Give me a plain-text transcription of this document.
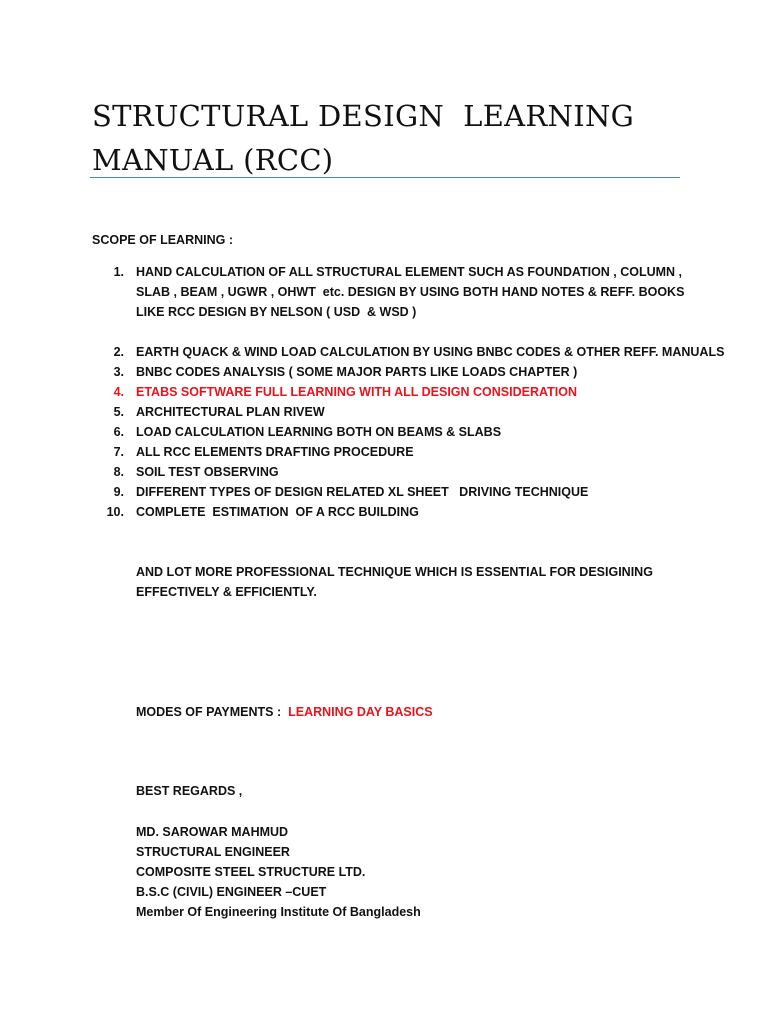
STRUCTURAL DESIGN  LEARNING
MANUAL (RCC)
SCOPE OF LEARNING :
1. HAND CALCULATION OF ALL STRUCTURAL ELEMENT SUCH AS FOUNDATION , COLUMN ,
SLAB , BEAM , UGWR , OHWT  etc. DESIGN BY USING BOTH HAND NOTES & REFF. BOOKS
LIKE RCC DESIGN BY NELSON ( USD  & WSD )
2. EARTH QUACK & WIND LOAD CALCULATION BY USING BNBC CODES & OTHER REFF. MANUALS
3. BNBC CODES ANALYSIS ( SOME MAJOR PARTS LIKE LOADS CHAPTER )
4. ETABS SOFTWARE FULL LEARNING WITH ALL DESIGN CONSIDERATION
5. ARCHITECTURAL PLAN RIVEW
6. LOAD CALCULATION LEARNING BOTH ON BEAMS & SLABS
7. ALL RCC ELEMENTS DRAFTING PROCEDURE
8. SOIL TEST OBSERVING
9. DIFFERENT TYPES OF DESIGN RELATED XL SHEET   DRIVING TECHNIQUE
10. COMPLETE  ESTIMATION  OF A RCC BUILDING
AND LOT MORE PROFESSIONAL TECHNIQUE WHICH IS ESSENTIAL FOR DESIGINING
EFFECTIVELY & EFFICIENTLY.
MODES OF PAYMENTS : LEARNING DAY BASICS
BEST REGARDS ,
MD. SAROWAR MAHMUD
STRUCTURAL ENGINEER
COMPOSITE STEEL STRUCTURE LTD.
B.S.C (CIVIL) ENGINEER –CUET
Member Of Engineering Institute Of Bangladesh
